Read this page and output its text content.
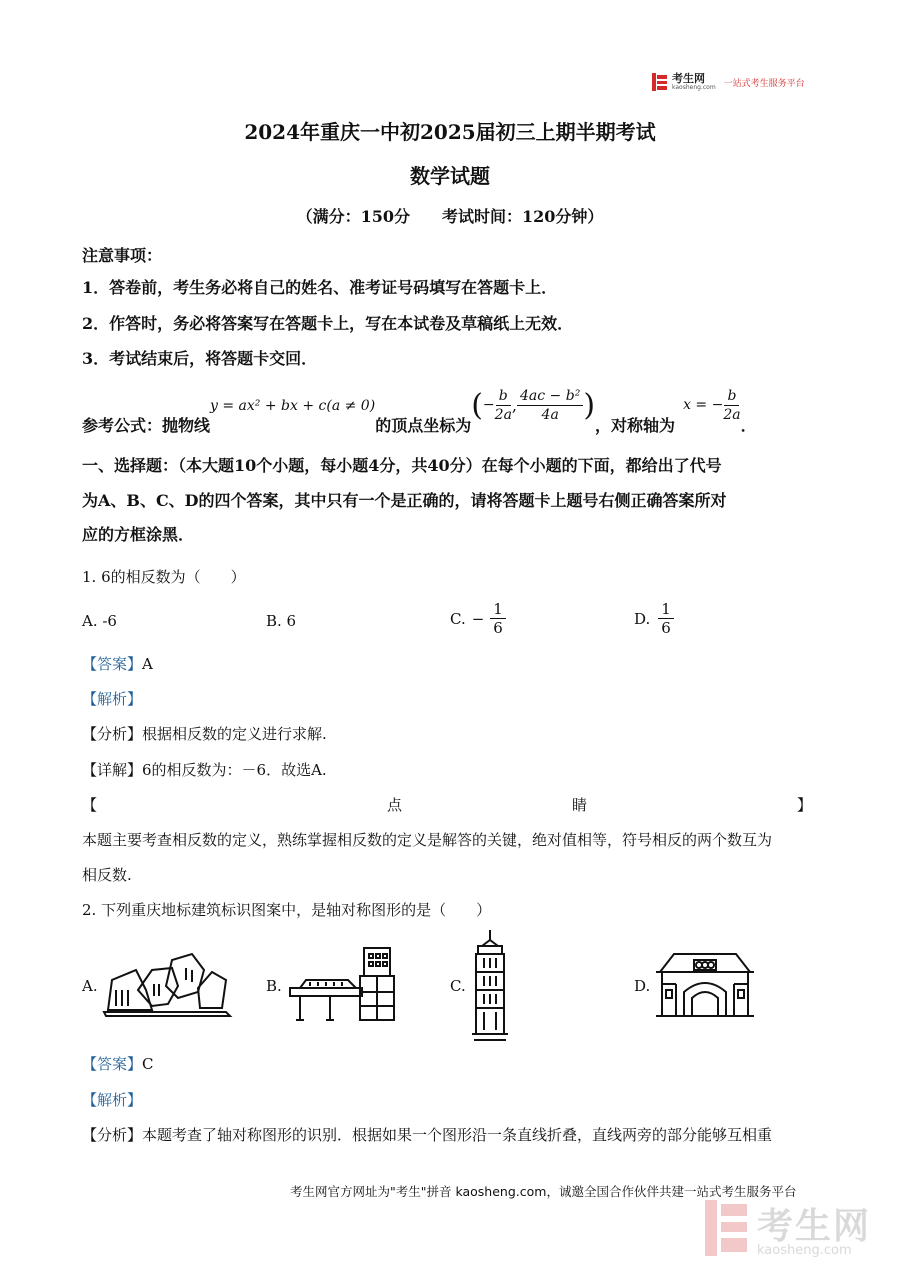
考生网
kaosheng.com 一站式考生服务平台
2024年重庆一中初2025届初三上期半期考试
数学试题
（满分：150分　　考试时间：120分钟）
注意事项：
1．答卷前，考生务必将自己的姓名、准考证号码填写在答题卡上．
2．作答时，务必将答案写在答题卡上，写在本试卷及草稿纸上无效．
3．考试结束后，将答题卡交回．
参考公式：抛物线
y = ax² + bx + c(a ≠ 0)
的顶点坐标为
( − $\frac{b}{2a}$ , $\frac{\text{4ac − b²}}{4a}$ )
，对称轴为
x = − $\frac{b}{2a}$
．
一、选择题：（本大题10个小题，每小题4分，共40分）在每个小题的下面，都给出了代号
为A、B、C、D的四个答案，其中只有一个是正确的，请将答题卡上题号右侧正确答案所对
应的方框涂黑．
1. 6的相反数为（　　）
A. -6	B. 6	C. − $\frac{1}{6}$	D. $\frac{1}{6}$
【答案】A
【解析】
【分析】根据相反数的定义进行求解.
【详解】6的相反数为：－6．故选A.
【	点	睛	】
本题主要考查相反数的定义，熟练掌握相反数的定义是解答的关键，绝对值相等，符号相反的两个数互为
相反数.
2. 下列重庆地标建筑标识图案中，是轴对称图形的是（　　）
A.	B.	C.	D.
【答案】C
【解析】
【分析】本题考查了轴对称图形的识别．根据如果一个图形沿一条直线折叠，直线两旁的部分能够互相重
考生网官方网址为"考生"拼音 kaosheng.com，诚邀全国合作伙伴共建一站式考生服务平台
考生网
kaosheng.com
